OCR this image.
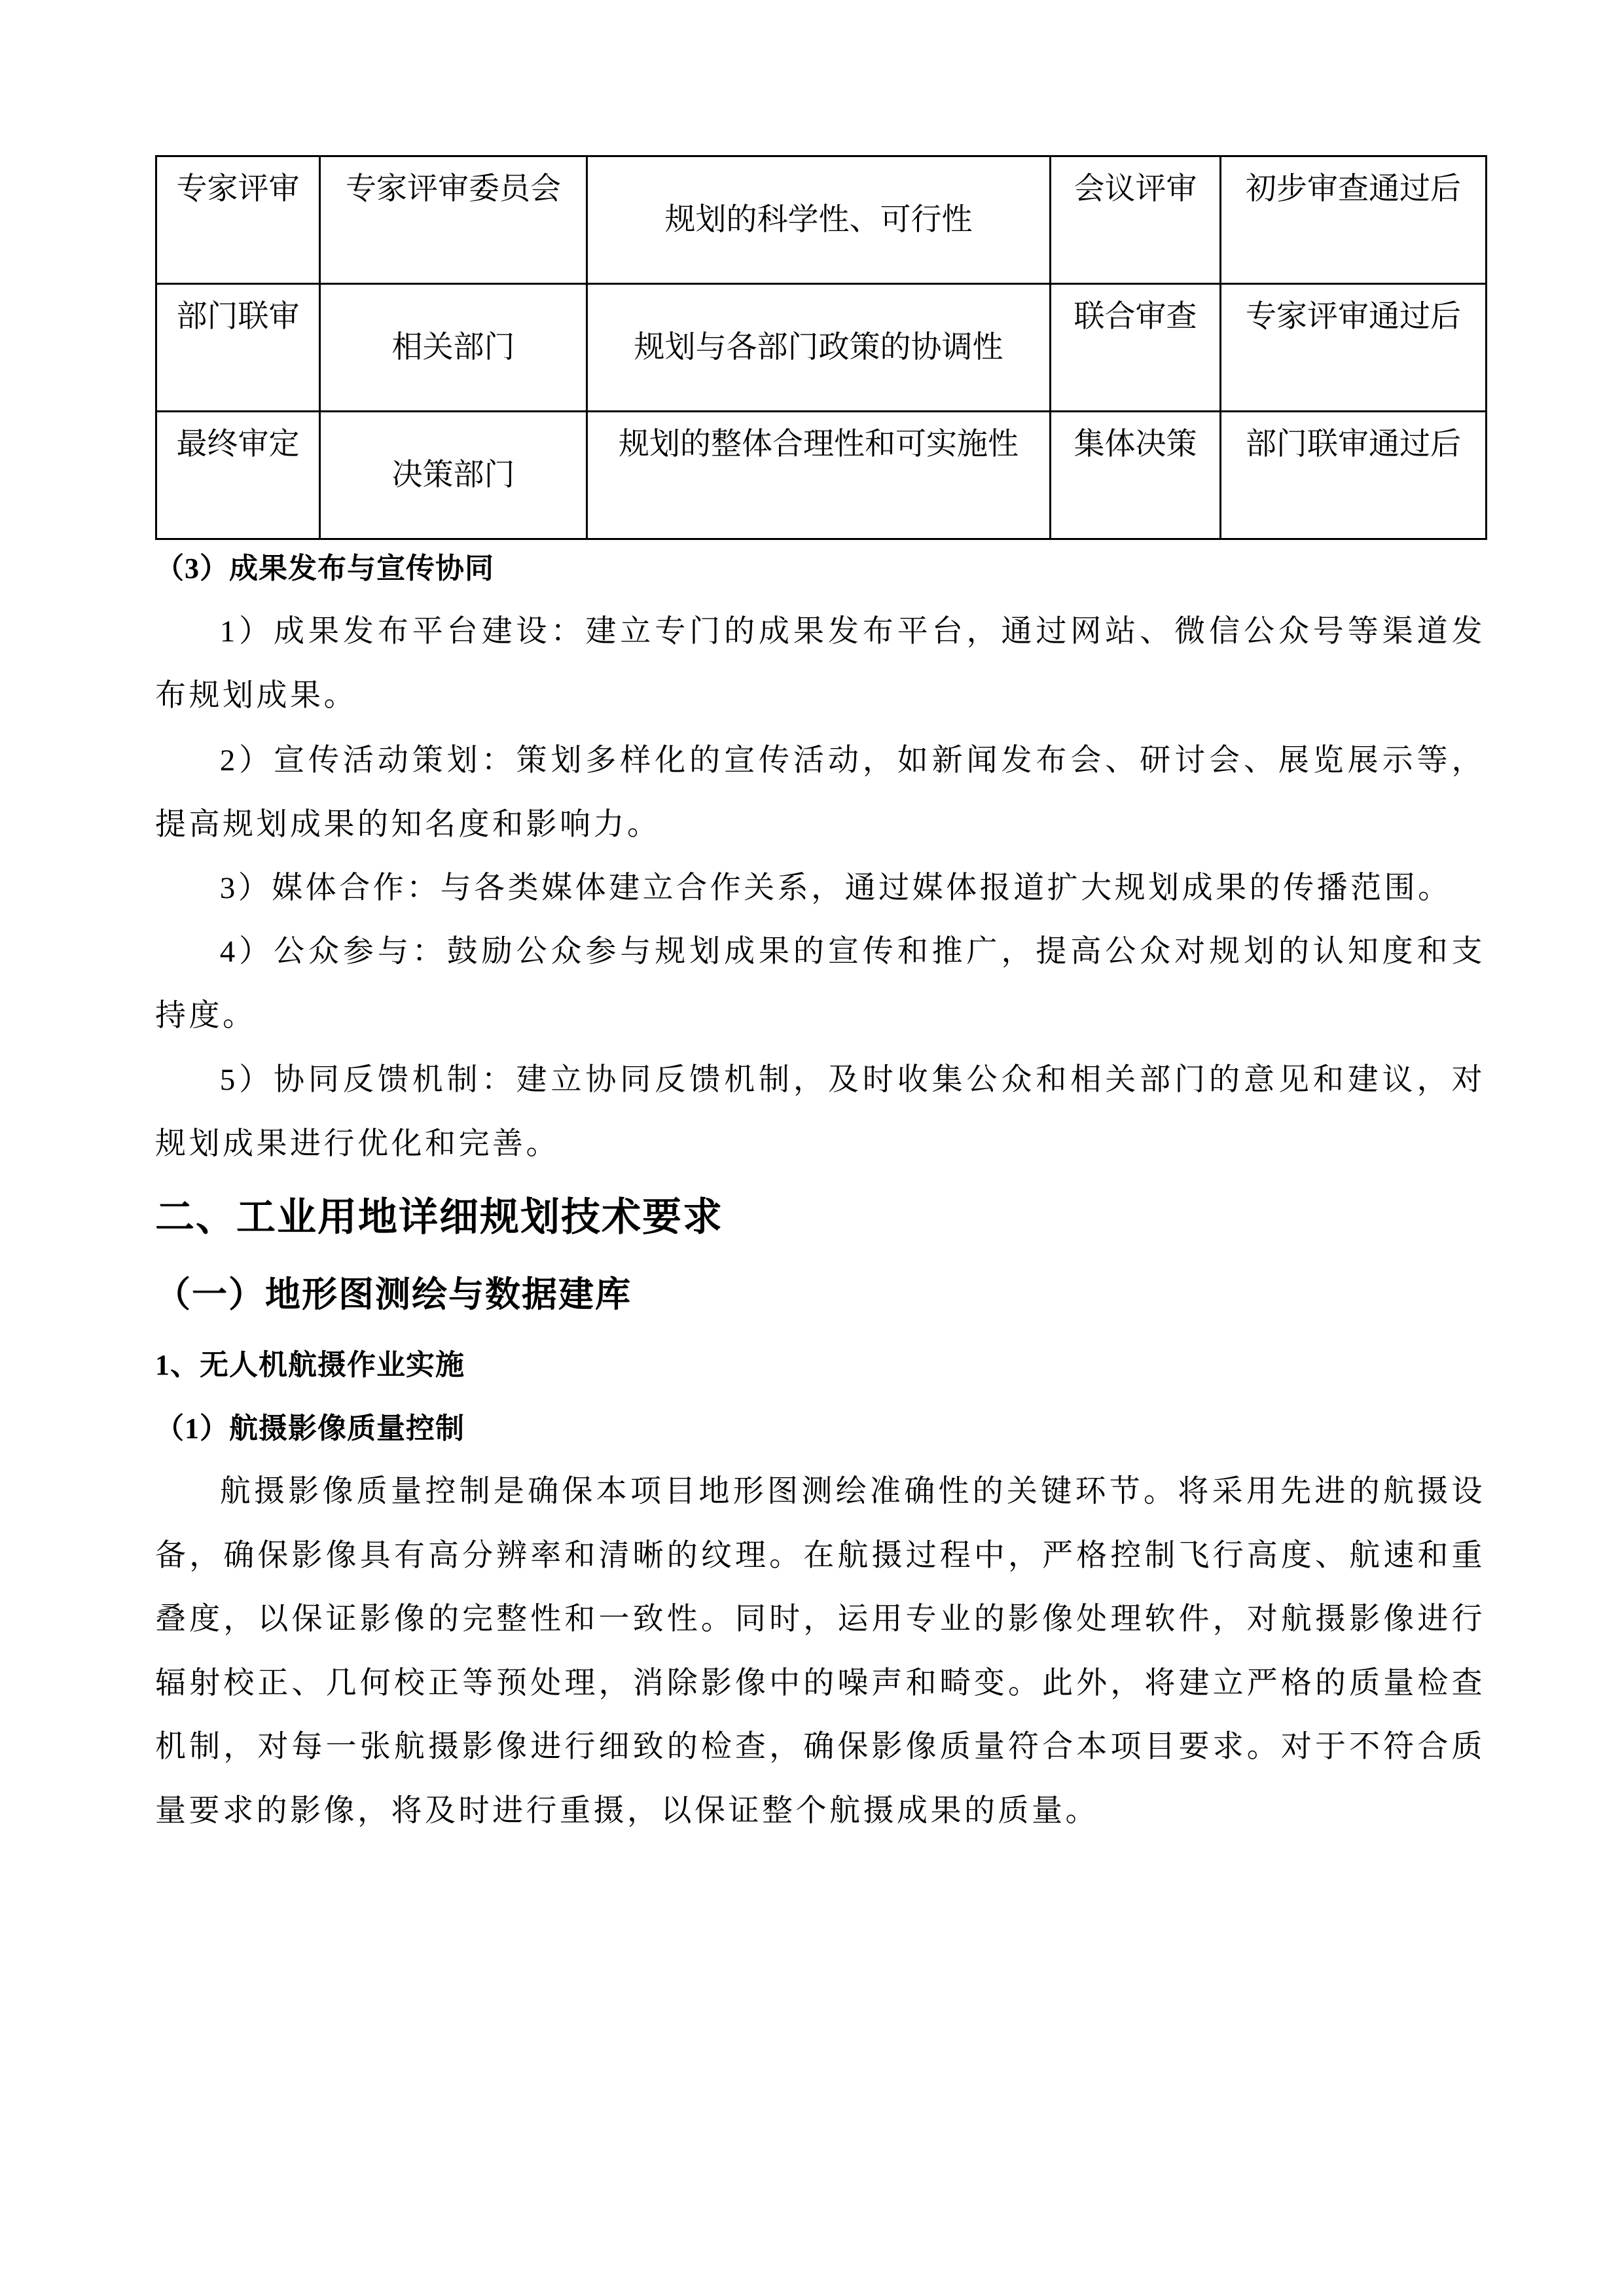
专家评审	专家评审委员会	规划的科学性、可行性	会议评审	初步审查通过后
部门联审	相关部门	规划与各部门政策的协调性	联合审查	专家评审通过后
最终审定	决策部门	规划的整体合理性和可实施性	集体决策	部门联审通过后
（3）成果发布与宣传协同
1）成果发布平台建设：建立专门的成果发布平台，通过网站、微信公众号等渠道发布规划成果。
2）宣传活动策划：策划多样化的宣传活动，如新闻发布会、研讨会、展览展示等，提高规划成果的知名度和影响力。
3）媒体合作：与各类媒体建立合作关系，通过媒体报道扩大规划成果的传播范围。
4）公众参与：鼓励公众参与规划成果的宣传和推广，提高公众对规划的认知度和支持度。
5）协同反馈机制：建立协同反馈机制，及时收集公众和相关部门的意见和建议，对规划成果进行优化和完善。
二、工业用地详细规划技术要求
（一）地形图测绘与数据建库
1、无人机航摄作业实施
（1）航摄影像质量控制
航摄影像质量控制是确保本项目地形图测绘准确性的关键环节。将采用先进的航摄设备，确保影像具有高分辨率和清晰的纹理。在航摄过程中，严格控制飞行高度、航速和重叠度，以保证影像的完整性和一致性。同时，运用专业的影像处理软件，对航摄影像进行辐射校正、几何校正等预处理，消除影像中的噪声和畸变。此外，将建立严格的质量检查机制，对每一张航摄影像进行细致的检查，确保影像质量符合本项目要求。对于不符合质量要求的影像，将及时进行重摄，以保证整个航摄成果的质量。
